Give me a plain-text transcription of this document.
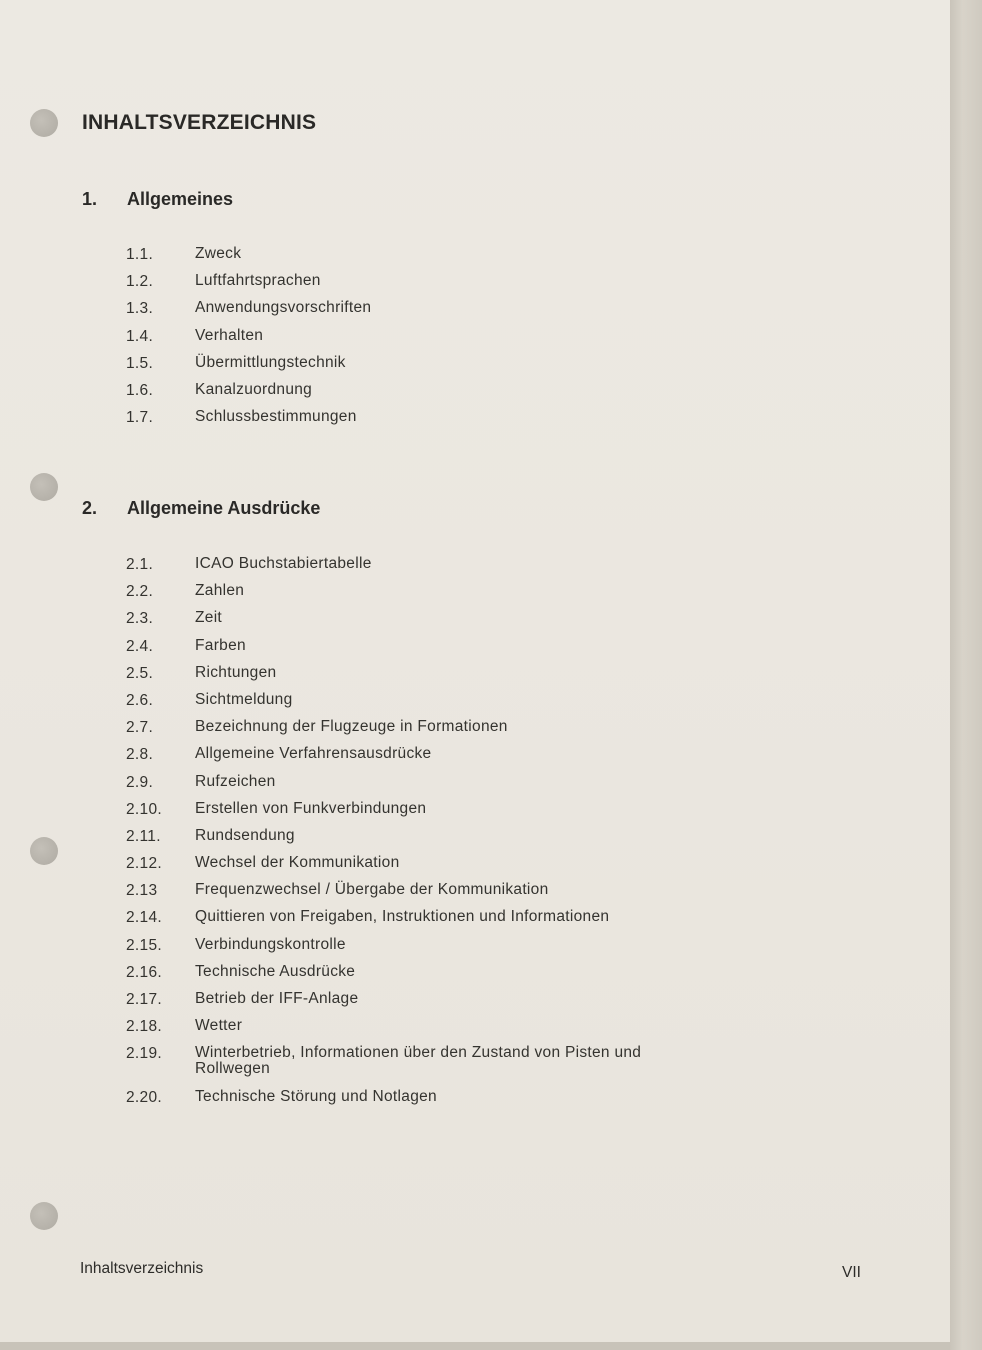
INHALTSVERZEICHNIS
1. Allgemeines
1.1.	Zweck
1.2.	Luftfahrtsprachen
1.3.	Anwendungsvorschriften
1.4.	Verhalten
1.5.	Übermittlungstechnik
1.6.	Kanalzuordnung
1.7.	Schlussbestimmungen
2. Allgemeine Ausdrücke
2.1.	ICAO Buchstabiertabelle
2.2.	Zahlen
2.3.	Zeit
2.4.	Farben
2.5.	Richtungen
2.6.	Sichtmeldung
2.7.	Bezeichnung der Flugzeuge in Formationen
2.8.	Allgemeine Verfahrensausdrücke
2.9.	Rufzeichen
2.10.	Erstellen von Funkverbindungen
2.11.	Rundsendung
2.12.	Wechsel der Kommunikation
2.13	Frequenzwechsel / Übergabe der Kommunikation
2.14.	Quittieren von Freigaben, Instruktionen und Informationen
2.15.	Verbindungskontrolle
2.16.	Technische Ausdrücke
2.17.	Betrieb der IFF-Anlage
2.18.	Wetter
2.19.	Winterbetrieb, Informationen über den Zustand von Pisten und Rollwegen
2.20.	Technische Störung und Notlagen
Inhaltsverzeichnis	VII
